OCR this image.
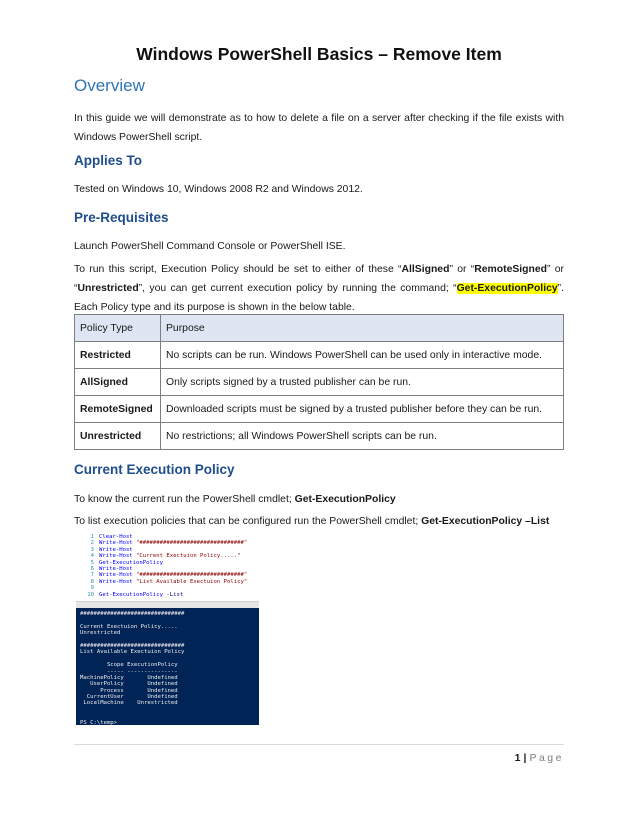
Windows PowerShell Basics – Remove Item
Overview
In this guide we will demonstrate as to how to delete a file on a server after checking if the file exists with Windows PowerShell script.
Applies To
Tested on Windows 10, Windows 2008 R2 and Windows 2012.
Pre-Requisites
Launch PowerShell Command Console or PowerShell ISE.
To run this script, Execution Policy should be set to either of these “AllSigned” or “RemoteSigned” or “Unrestricted”, you can get current execution policy by running the command; “Get-ExecutionPolicy”. Each Policy type and its purpose is shown in the below table.
Policy Type	Purpose
Restricted	No scripts can be run. Windows PowerShell can be used only in interactive mode.
AllSigned	Only scripts signed by a trusted publisher can be run.
RemoteSigned	Downloaded scripts must be signed by a trusted publisher before they can be run.
Unrestricted	No restrictions; all Windows PowerShell scripts can be run.
Current Execution Policy
To know the current run the PowerShell cmdlet; Get-ExecutionPolicy
To list execution policies that can be configured run the PowerShell cmdlet; Get-ExecutionPolicy –List
1 Clear-Host
2 Write-Host "###############################"
3 Write-Host
4 Write-Host "Current Exectuion Policy....."
5 Get-ExecutionPolicy
6 Write-Host
7 Write-Host "###############################"
8 Write-Host "List Available Exectuion Policy"
9
10 Get-ExecutionPolicy -List
###############################
Current Exectuion Policy.....
Unrestricted
###############################
List Available Exectuion Policy
Scope ExecutionPolicy
----- ---------------
MachinePolicy       Undefined
UserPolicy       Undefined
Process       Undefined
CurrentUser       Undefined
LocalMachine    Unrestricted
PS C:\temp>
1 | Page
